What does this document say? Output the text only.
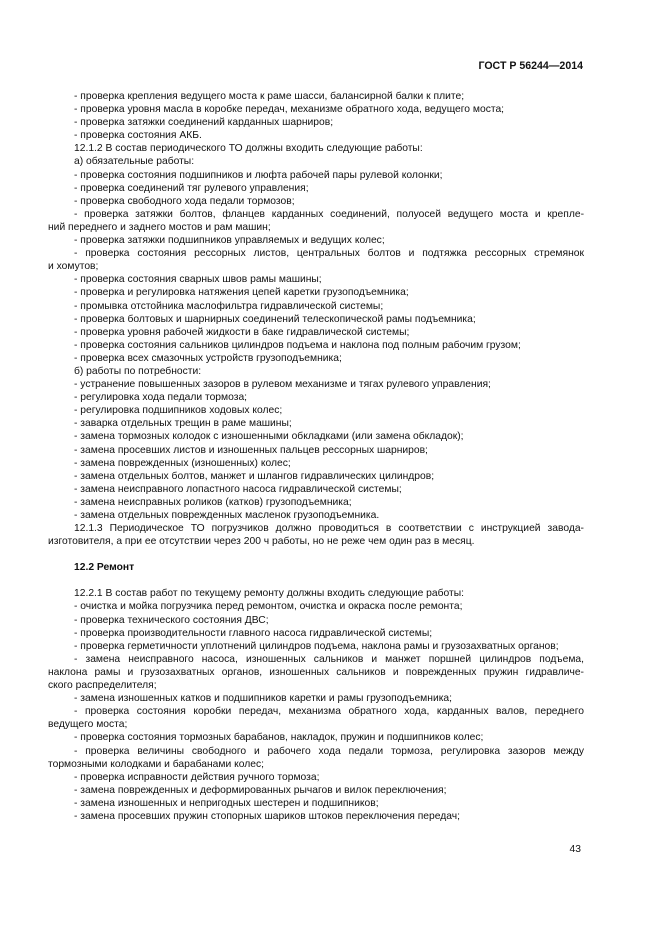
ГОСТ Р 56244—2014
- проверка крепления ведущего моста к раме шасси, балансирной балки к плите;
- проверка уровня масла в коробке передач, механизме обратного хода, ведущего моста;
- проверка затяжки соединений карданных шарниров;
- проверка состояния АКБ.
12.1.2 В состав периодического ТО должны входить следующие работы:
а) обязательные работы:
- проверка состояния подшипников и люфта рабочей пары рулевой колонки;
- проверка соединений тяг рулевого управления;
- проверка свободного хода педали тормозов;
- проверка затяжки болтов, фланцев карданных соединений, полуосей ведущего моста и крепле-
ний переднего и заднего мостов и рам машин;
- проверка затяжки подшипников управляемых и ведущих колес;
- проверка состояния рессорных листов, центральных болтов и подтяжка рессорных стремянок
и хомутов;
- проверка состояния сварных швов рамы машины;
- проверка и регулировка натяжения цепей каретки грузоподъемника;
- промывка отстойника маслофильтра гидравлической системы;
- проверка болтовых и шарнирных соединений телескопической рамы подъемника;
- проверка уровня рабочей жидкости в баке гидравлической системы;
- проверка состояния сальников цилиндров подъема и наклона под полным рабочим грузом;
- проверка всех смазочных устройств грузоподъемника;
б) работы по потребности:
- устранение повышенных зазоров в рулевом механизме и тягах рулевого управления;
- регулировка хода педали тормоза;
- регулировка подшипников ходовых колес;
- заварка отдельных трещин в раме машины;
- замена тормозных колодок с изношенными обкладками (или замена обкладок);
- замена просевших листов и изношенных пальцев рессорных шарниров;
- замена поврежденных (изношенных) колес;
- замена отдельных болтов, манжет и шлангов гидравлических цилиндров;
- замена неисправного лопастного насоса гидравлической системы;
- замена неисправных роликов (катков) грузоподъемника;
- замена отдельных поврежденных масленок грузоподъемника.
12.1.3 Периодическое ТО погрузчиков должно проводиться в соответствии с инструкцией завода-
изготовителя, а при ее отсутствии через 200 ч работы, но не реже чем один раз в месяц.
12.2 Ремонт
12.2.1 В состав работ по текущему ремонту должны входить следующие работы:
- очистка и мойка погрузчика перед ремонтом, очистка и окраска после ремонта;
- проверка технического состояния ДВС;
- проверка производительности главного насоса гидравлической системы;
- проверка герметичности уплотнений цилиндров подъема, наклона рамы и грузозахватных органов;
- замена неисправного насоса, изношенных сальников и манжет поршней цилиндров подъема,
наклона рамы и грузозахватных органов, изношенных сальников и поврежденных пружин гидравличе-
ского распределителя;
- замена изношенных катков и подшипников каретки и рамы грузоподъемника;
- проверка состояния коробки передач, механизма обратного хода, карданных валов, переднего
ведущего моста;
- проверка состояния тормозных барабанов, накладок, пружин и подшипников колес;
- проверка величины свободного и рабочего хода педали тормоза, регулировка зазоров между
тормозными колодками и барабанами колес;
- проверка исправности действия ручного тормоза;
- замена поврежденных и деформированных рычагов и вилок переключения;
- замена изношенных и непригодных шестерен и подшипников;
- замена просевших пружин стопорных шариков штоков переключения передач;
43
